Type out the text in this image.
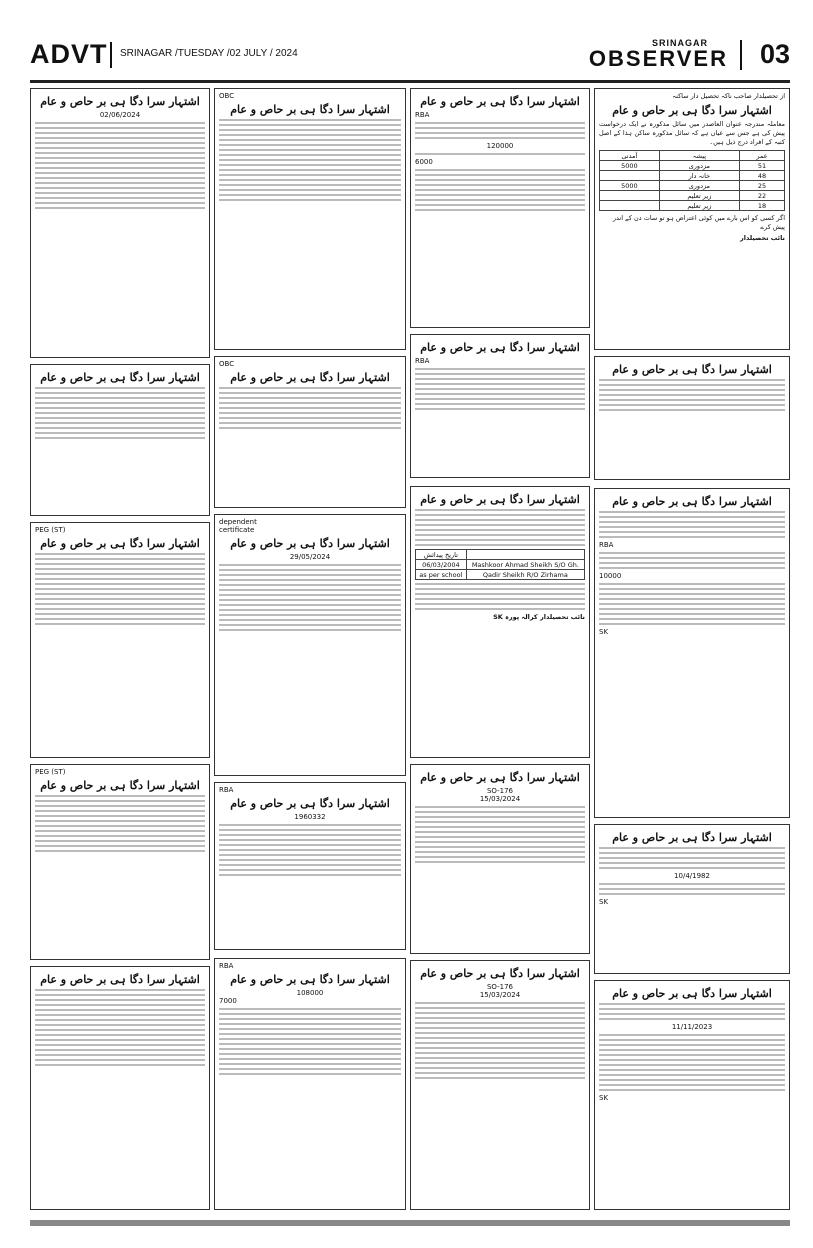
ADVT SRINAGAR /TUESDAY /02 JULY / 2024
SRINAGAR
OBSERVER 03
از تحصیلدار صاحب ناکہ تحصیل دار ساکنہ
اشتہار سرا دگا ہی بر حاص و عام
معاملہ مندرجہ عنوان العاصدر میں سائل مذکورہ نے ایک درخواست پیش کی ہے جس سے عیاں ہے کہ سائل مذکورہ ساکن ہذا کے اصل کنبہ کے افراد درج ذیل ہیں۔
عمر	پیشہ	آمدنی
51	مزدوری	5000
48	خانہ دار	
25	مزدوری	5000
22	زیر تعلیم	
18	زیر تعلیم	
اگر کسی کو اس بارے میں کوئی اعتراض ہو تو سات دن کے اندر پیش کرے
نائب تحصیلدار
اشتہار سرا دگا ہی بر حاص و عام
اشتہار سرا دگا ہی بر حاص و عام
RBA
10000
SK
اشتہار سرا دگا ہی بر حاص و عام
10/4/1982
SK
اشتہار سرا دگا ہی بر حاص و عام
11/11/2023
SK
اشتہار سرا دگا ہی بر حاص و عام
RBA
120000
6000
اشتہار سرا دگا ہی بر حاص و عام
RBA
اشتہار سرا دگا ہی بر حاص و عام
تاریخ پیدائش	
06/03/2004	Mashkoor Ahmad Sheikh S/O Gh.
as per school	Qadir Sheikh R/O Zirhama
نائب تحصیلدار کرالہ پورہ SK
اشتہار سرا دگا ہی بر حاص و عام
SO-176
15/03/2024
اشتہار سرا دگا ہی بر حاص و عام
SO-176
15/03/2024
OBC
اشتہار سرا دگا ہی بر حاص و عام
OBC
اشتہار سرا دگا ہی بر حاص و عام
dependent
certificate
اشتہار سرا دگا ہی بر حاص و عام
29/05/2024
RBA
اشتہار سرا دگا ہی بر حاص و عام
1960332
RBA
اشتہار سرا دگا ہی بر حاص و عام
108000
7000
اشتہار سرا دگا ہی بر حاص و عام
02/06/2024
اشتہار سرا دگا ہی بر حاص و عام
PEG (ST)
اشتہار سرا دگا ہی بر حاص و عام
PEG (ST)
اشتہار سرا دگا ہی بر حاص و عام
اشتہار سرا دگا ہی بر حاص و عام
